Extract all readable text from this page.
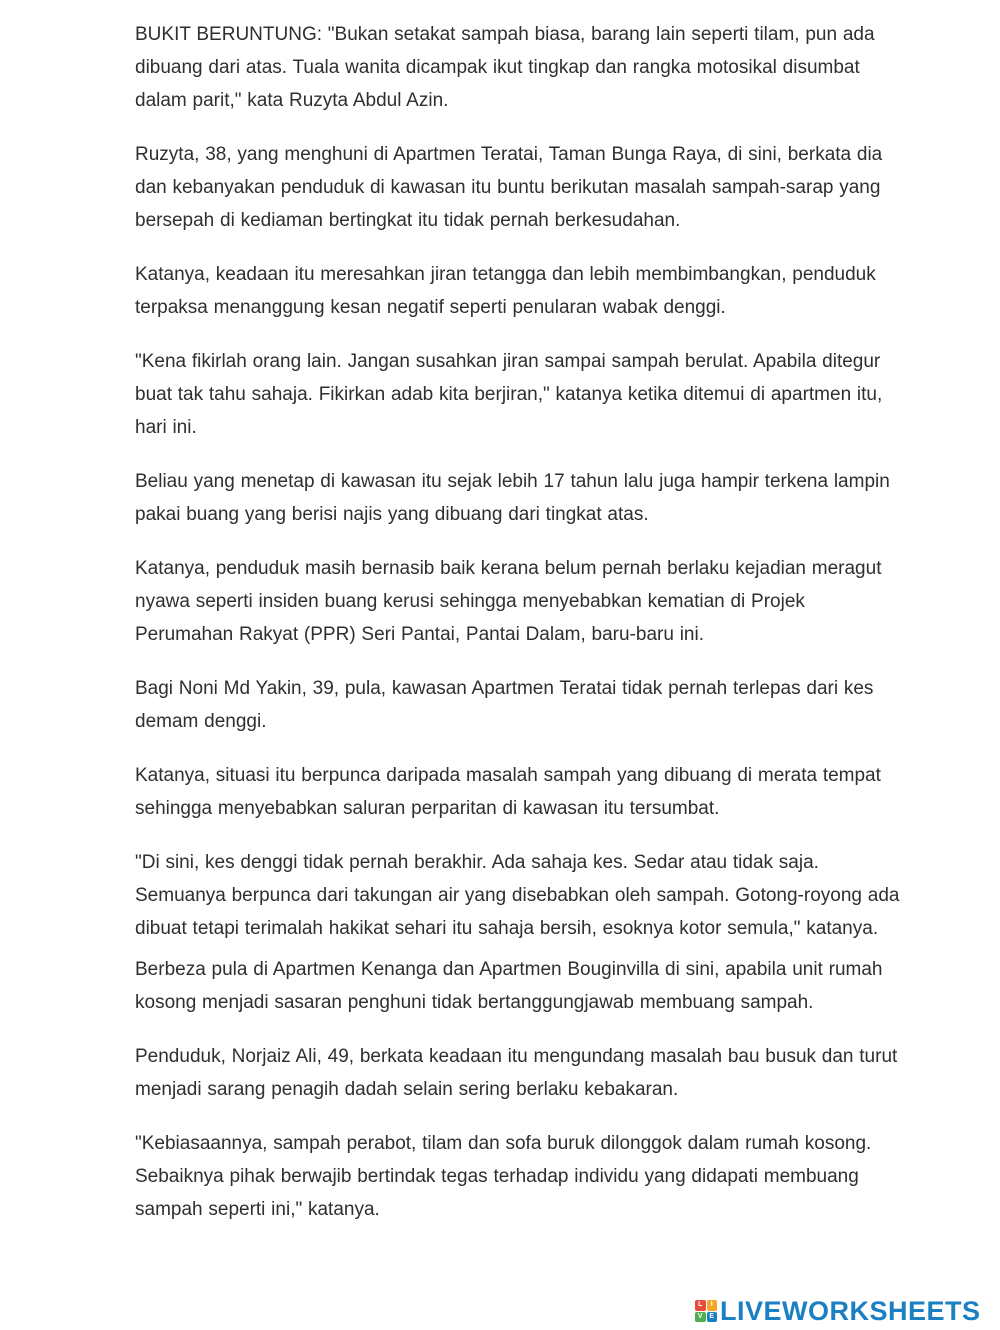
BUKIT BERUNTUNG: "Bukan setakat sampah biasa, barang lain seperti tilam, pun ada dibuang dari atas. Tuala wanita dicampak ikut tingkap dan rangka motosikal disumbat dalam parit," kata Ruzyta Abdul Azin.

Ruzyta, 38, yang menghuni di Apartmen Teratai, Taman Bunga Raya, di sini, berkata dia dan kebanyakan penduduk di kawasan itu buntu berikutan masalah sampah-sarap yang bersepah di kediaman bertingkat itu tidak pernah berkesudahan.

Katanya, keadaan itu meresahkan jiran tetangga dan lebih membimbangkan, penduduk terpaksa menanggung kesan negatif seperti penularan wabak denggi.

"Kena fikirlah orang lain. Jangan susahkan jiran sampai sampah berulat. Apabila ditegur buat tak tahu sahaja. Fikirkan adab kita berjiran," katanya ketika ditemui di apartmen itu, hari ini.

Beliau yang menetap di kawasan itu sejak lebih 17 tahun lalu juga hampir terkena lampin pakai buang yang berisi najis yang dibuang dari tingkat atas.

Katanya, penduduk masih bernasib baik kerana belum pernah berlaku kejadian meragut nyawa seperti insiden buang kerusi sehingga menyebabkan kematian di Projek Perumahan Rakyat (PPR) Seri Pantai, Pantai Dalam, baru-baru ini.

Bagi Noni Md Yakin, 39, pula, kawasan Apartmen Teratai tidak pernah terlepas dari kes demam denggi.

Katanya, situasi itu berpunca daripada masalah sampah yang dibuang di merata tempat sehingga menyebabkan saluran perparitan di kawasan itu tersumbat.

"Di sini, kes denggi tidak pernah berakhir. Ada sahaja kes. Sedar atau tidak saja. Semuanya berpunca dari takungan air yang disebabkan oleh sampah. Gotong-royong ada dibuat tetapi terimalah hakikat sehari itu sahaja bersih, esoknya kotor semula," katanya.

Berbeza pula di Apartmen Kenanga dan Apartmen Bouginvilla di sini, apabila unit rumah kosong menjadi sasaran penghuni tidak bertanggungjawab membuang sampah.

Penduduk, Norjaiz Ali, 49, berkata keadaan itu mengundang masalah bau busuk dan turut menjadi sarang penagih dadah selain sering berlaku kebakaran.

"Kebiasaannya, sampah perabot, tilam dan sofa buruk dilonggok dalam rumah kosong. Sebaiknya pihak berwajib bertindak tegas terhadap individu yang didapati membuang sampah seperti ini," katanya.

L	I
V E LIVEWORKSHEETS
